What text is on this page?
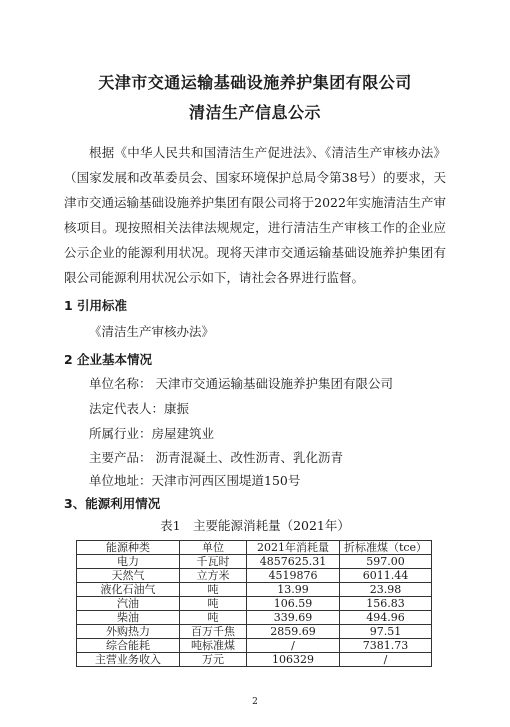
天津市交通运输基础设施养护集团有限公司
清洁生产信息公示

根据《中华人民共和国清洁生产促进法》、《清洁生产审核办法》（国家发展和改革委员会、国家环境保护总局令第38号）的要求，天津市交通运输基础设施养护集团有限公司将于2022年实施清洁生产审核项目。现按照相关法律法规规定，进行清洁生产审核工作的企业应公示企业的能源利用状况。现将天津市交通运输基础设施养护集团有限公司能源利用状况公示如下，请社会各界进行监督。

1 引用标准
《清洁生产审核办法》
2 企业基本情况
单位名称： 天津市交通运输基础设施养护集团有限公司
法定代表人：康振
所属行业：房屋建筑业
主要产品： 沥青混凝土、改性沥青、乳化沥青
单位地址：天津市河西区围堤道150号
3、能源利用情况
表1　主要能源消耗量（2021年）
能源种类	单位	2021年消耗量	折标准煤（tce）
电力	千瓦时	4857625.31	597.00
天然气	立方米	4519876	6011.44
液化石油气	吨	13.99	23.98
汽油	吨	106.59	156.83
柴油	吨	339.69	494.96
外购热力	百万千焦	2859.69	97.51
综合能耗	吨标准煤	/	7381.73
主营业务收入	万元	106329	/
2
